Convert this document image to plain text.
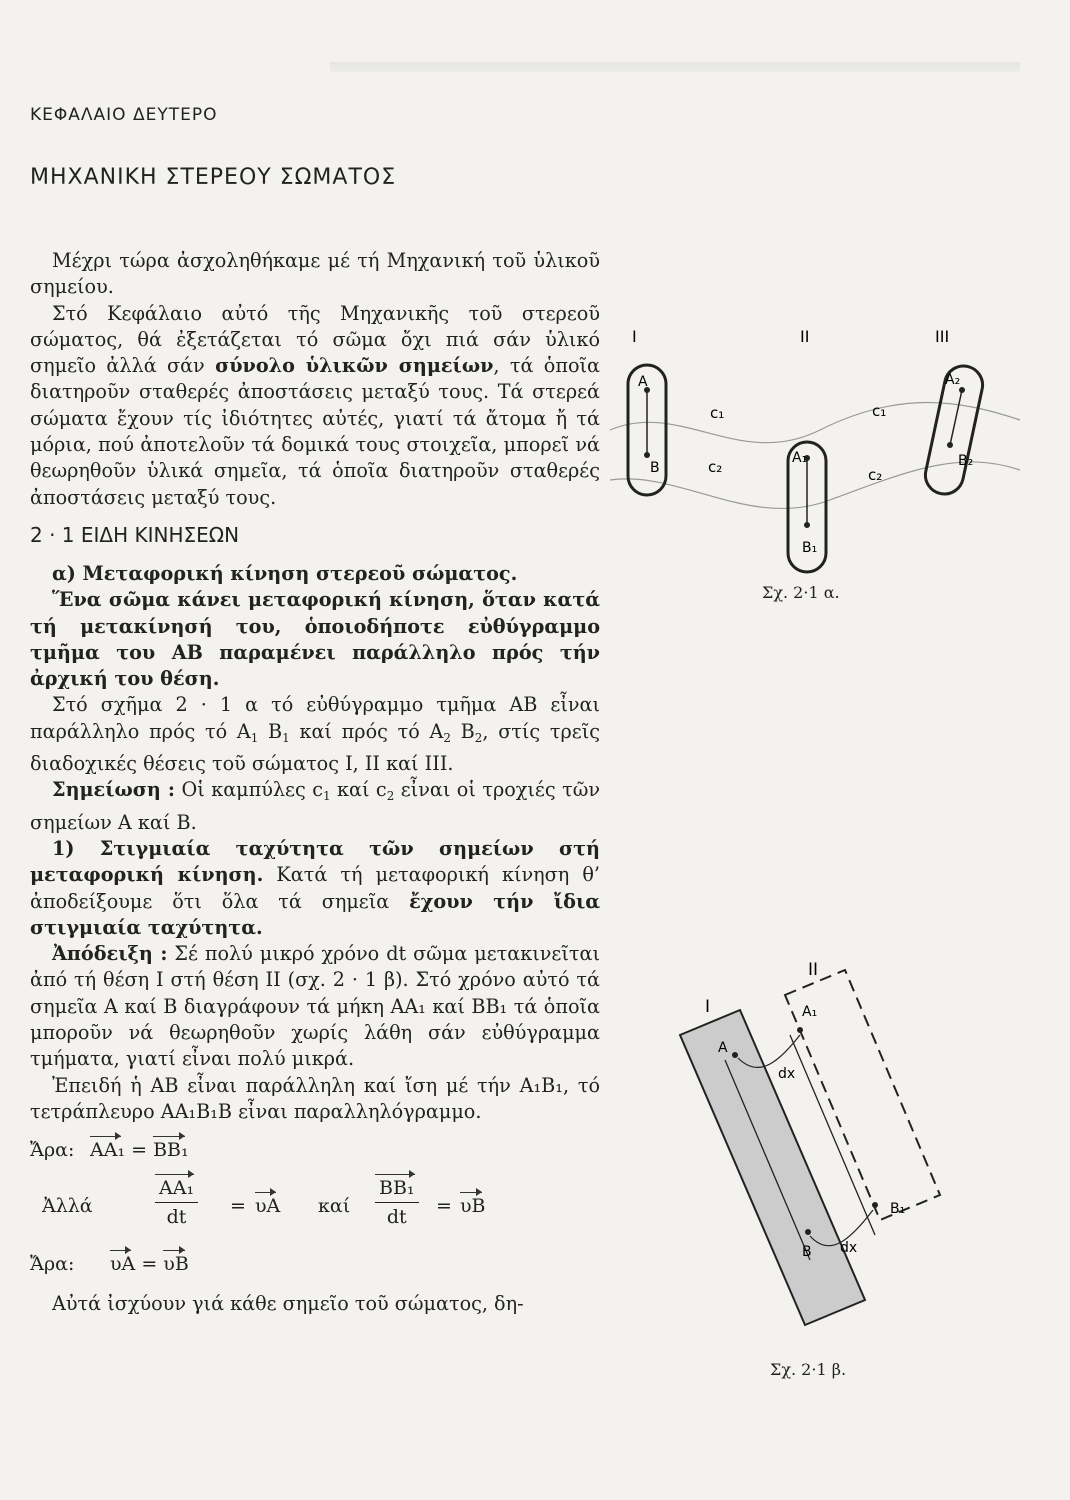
ΚΕΦΑΛΑΙΟ ΔΕΥΤΕΡΟ
ΜΗΧΑΝΙΚΗ ΣΤΕΡΕΟΥ ΣΩΜΑΤΟΣ

Μέχρι τώρα ἀσχοληθήκαμε μέ τή Μηχανική τοῦ ὑλικοῦ σημείου.

Στό Κεφάλαιο αὐτό τῆς Μηχανικῆς τοῦ στερεοῦ σώματος, θά ἐξετάζεται τό σῶμα ὄχι πιά σάν ὑλικό σημεῖο ἀλλά σάν σύνολο ὑλικῶν σημείων, τά ὁποῖα διατηροῦν σταθερές ἀποστάσεις μεταξύ τους. Τά στερεά σώματα ἔχουν τίς ἰδιότητες αὐτές, γιατί τά ἄτομα ἤ τά μόρια, πού ἀποτελοῦν τά δομικά τους στοιχεῖα, μπορεῖ νά θεωρηθοῦν ὑλικά σημεῖα, τά ὁποῖα διατηροῦν σταθερές ἀποστάσεις μεταξύ τους.

2 · 1 ΕΙΔΗ ΚΙΝΗΣΕΩΝ

α) Μεταφορική κίνηση στερεοῦ σώματος.

Ἕνα σῶμα κάνει μεταφορική κίνηση, ὅταν κατά τή μετακίνησή του, ὁποιοδήποτε εὐθύγραμμο τμῆμα του ΑΒ παραμένει παράλληλο πρός τήν ἀρχική του θέση.

Στό σχῆμα 2 · 1 α τό εὐθύγραμμο τμῆμα ΑΒ εἶναι παράλληλο πρός τό $A_1$ $B_1$ καί πρός τό $A_2$ $B_2$, στίς τρεῖς διαδοχικές θέσεις τοῦ σώματος Ι, ΙΙ καί ΙΙΙ.

Σημείωση : Οἱ καμπύλες $c_1$ καί $c_2$ εἶναι οἱ τροχιές τῶν σημείων Α καί Β.

1) Στιγμιαία ταχύτητα τῶν σημείων στή μεταφορική κίνηση. Κατά τή μεταφορική κίνηση θ’ ἀποδείξουμε ὅτι ὅλα τά σημεῖα ἔχουν τήν ἴδια στιγμιαία ταχύτητα.

Ἀπόδειξη : Σέ πολύ μικρό χρόνο dt σῶμα μετακινεῖται ἀπό τή θέση Ι στή θέση ΙΙ (σχ. 2 · 1 β). Στό χρόνο αὐτό τά σημεῖα Α καί Β διαγράφουν τά μήκη ΑΑ₁ καί ΒΒ₁ τά ὁποῖα μποροῦν νά θεωρηθοῦν χωρίς λάθη σάν εὐθύγραμμα τμήματα, γιατί εἶναι πολύ μικρά.

Ἐπειδή ἡ ΑΒ εἶναι παράλληλη καί ἴση μέ τήν Α₁Β₁, τό τετράπλευρο ΑΑ₁Β₁Β εἶναι παραλληλόγραμμο.

Ἄρα: ΑΑ₁ = ΒΒ₁
Ἀλλά	$\frac{\text{ΑΑ₁}}{dt} = \upsilon A$ καί $\frac{\text{ΒΒ₁}}{dt} = \upsilon B$
Ἄρα: υA = υB

Αὐτά ἰσχύουν γιά κάθε σημεῖο τοῦ σώματος, δη-

I	II	III
A
B
A₁
B₁
A₂
B₂
c₁
c₂
c₁
c₂
Σχ. 2·1 α.
I
II
A
A₁
dx
B
B₁
dx
Σχ. 2·1 β.
